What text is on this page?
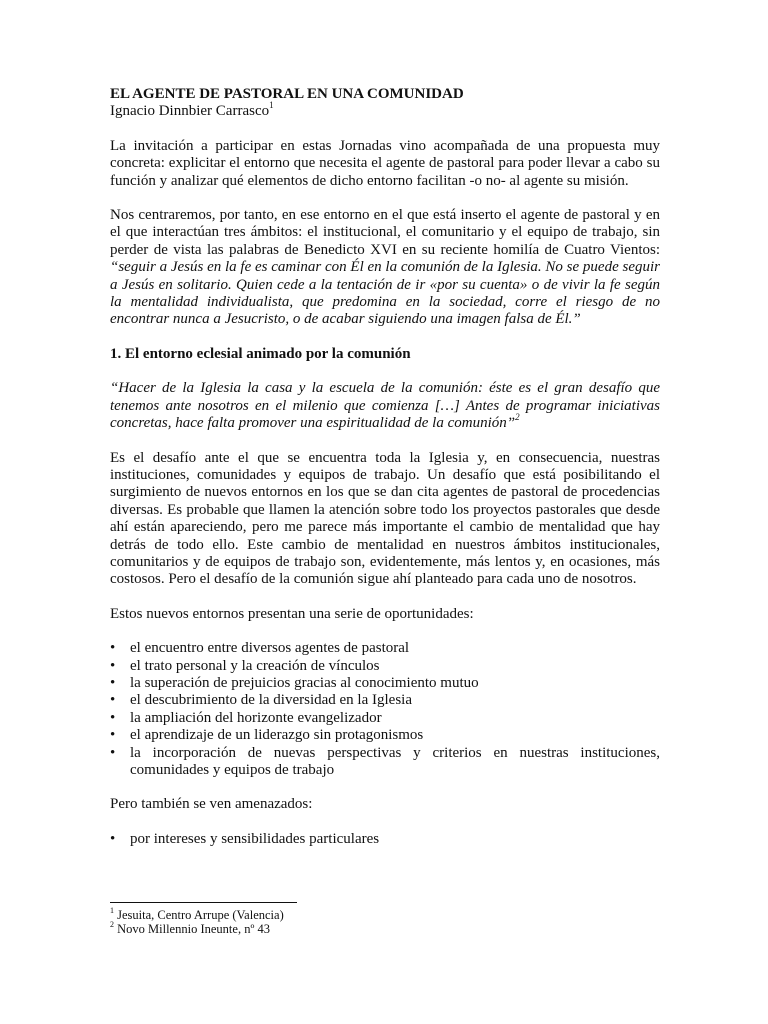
EL AGENTE DE PASTORAL EN UNA COMUNIDAD
Ignacio Dinnbier Carrasco$^1$

La invitación a participar en estas Jornadas vino acompañada de una propuesta muy concreta: explicitar el entorno que necesita el agente de pastoral para poder llevar a cabo su función y analizar qué elementos de dicho entorno facilitan -o no- al agente su misión.

Nos centraremos, por tanto, en ese entorno en el que está inserto el agente de pastoral y en el que interactúan tres ámbitos: el institucional, el comunitario y el equipo de trabajo, sin perder de vista las palabras de Benedicto XVI en su reciente homilía de Cuatro Vientos: “seguir a Jesús en la fe es caminar con Él en la comunión de la Iglesia. No se puede seguir a Jesús en solitario. Quien cede a la tentación de ir «por su cuenta» o de vivir la fe según la mentalidad individualista, que predomina en la sociedad, corre el riesgo de no encontrar nunca a Jesucristo, o de acabar siguiendo una imagen falsa de Él.”

1. El entorno eclesial animado por la comunión

“Hacer de la Iglesia la casa y la escuela de la comunión: éste es el gran desafío que tenemos ante nosotros en el milenio que comienza […] Antes de programar iniciativas concretas, hace falta promover una espiritualidad de la comunión”$^2$

Es el desafío ante el que se encuentra toda la Iglesia y, en consecuencia, nuestras instituciones, comunidades y equipos de trabajo. Un desafío que está posibilitando el surgimiento de nuevos entornos en los que se dan cita agentes de pastoral de procedencias diversas. Es probable que llamen la atención sobre todo los proyectos pastorales que desde ahí están apareciendo, pero me parece más importante el cambio de mentalidad que hay detrás de todo ello. Este cambio de mentalidad en nuestros ámbitos institucionales, comunitarios y de equipos de trabajo son, evidentemente, más lentos y, en ocasiones, más costosos. Pero el desafío de la comunión sigue ahí planteado para cada uno de nosotros.

Estos nuevos entornos presentan una serie de oportunidades:

• el encuentro entre diversos agentes de pastoral
• el trato personal y la creación de vínculos
• la superación de prejuicios gracias al conocimiento mutuo
• el descubrimiento de la diversidad en la Iglesia
• la ampliación del horizonte evangelizador
• el aprendizaje de un liderazgo sin protagonismos
• la incorporación de nuevas perspectivas y criterios en nuestras instituciones, comunidades y equipos de trabajo

Pero también se ven amenazados:

• por intereses y sensibilidades particulares
$^1$ Jesuita, Centro Arrupe (Valencia)
$^2$ Novo Millennio Ineunte, nº 43
